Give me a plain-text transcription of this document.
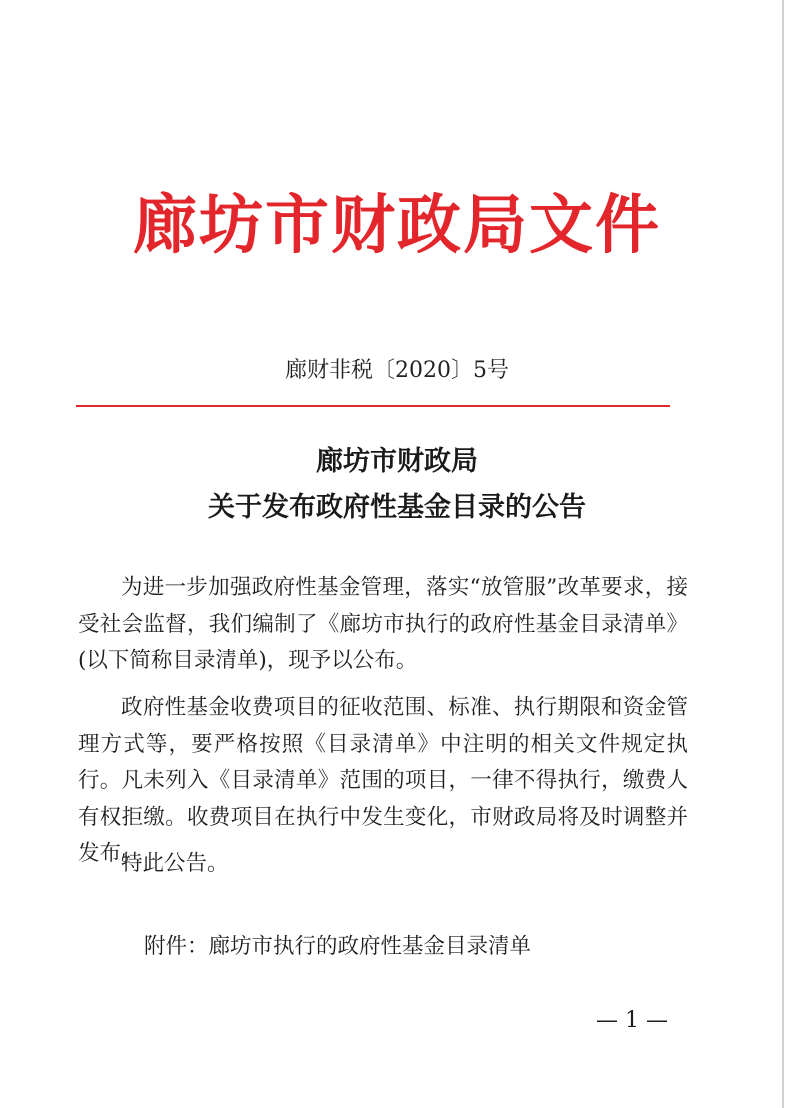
廊坊市财政局文件
廊财非税〔2020〕5号
廊坊市财政局
关于发布政府性基金目录的公告

为进一步加强政府性基金管理，落实“放管服”改革要求，接受社会监督，我们编制了《廊坊市执行的政府性基金目录清单》(以下简称目录清单)，现予以公布。

政府性基金收费项目的征收范围、标准、执行期限和资金管理方式等，要严格按照《目录清单》中注明的相关文件规定执行。凡未列入《目录清单》范围的项目，一律不得执行，缴费人有权拒缴。收费项目在执行中发生变化，市财政局将及时调整并发布。

特此公告。

附件：廊坊市执行的政府性基金目录清单
— 1 —
